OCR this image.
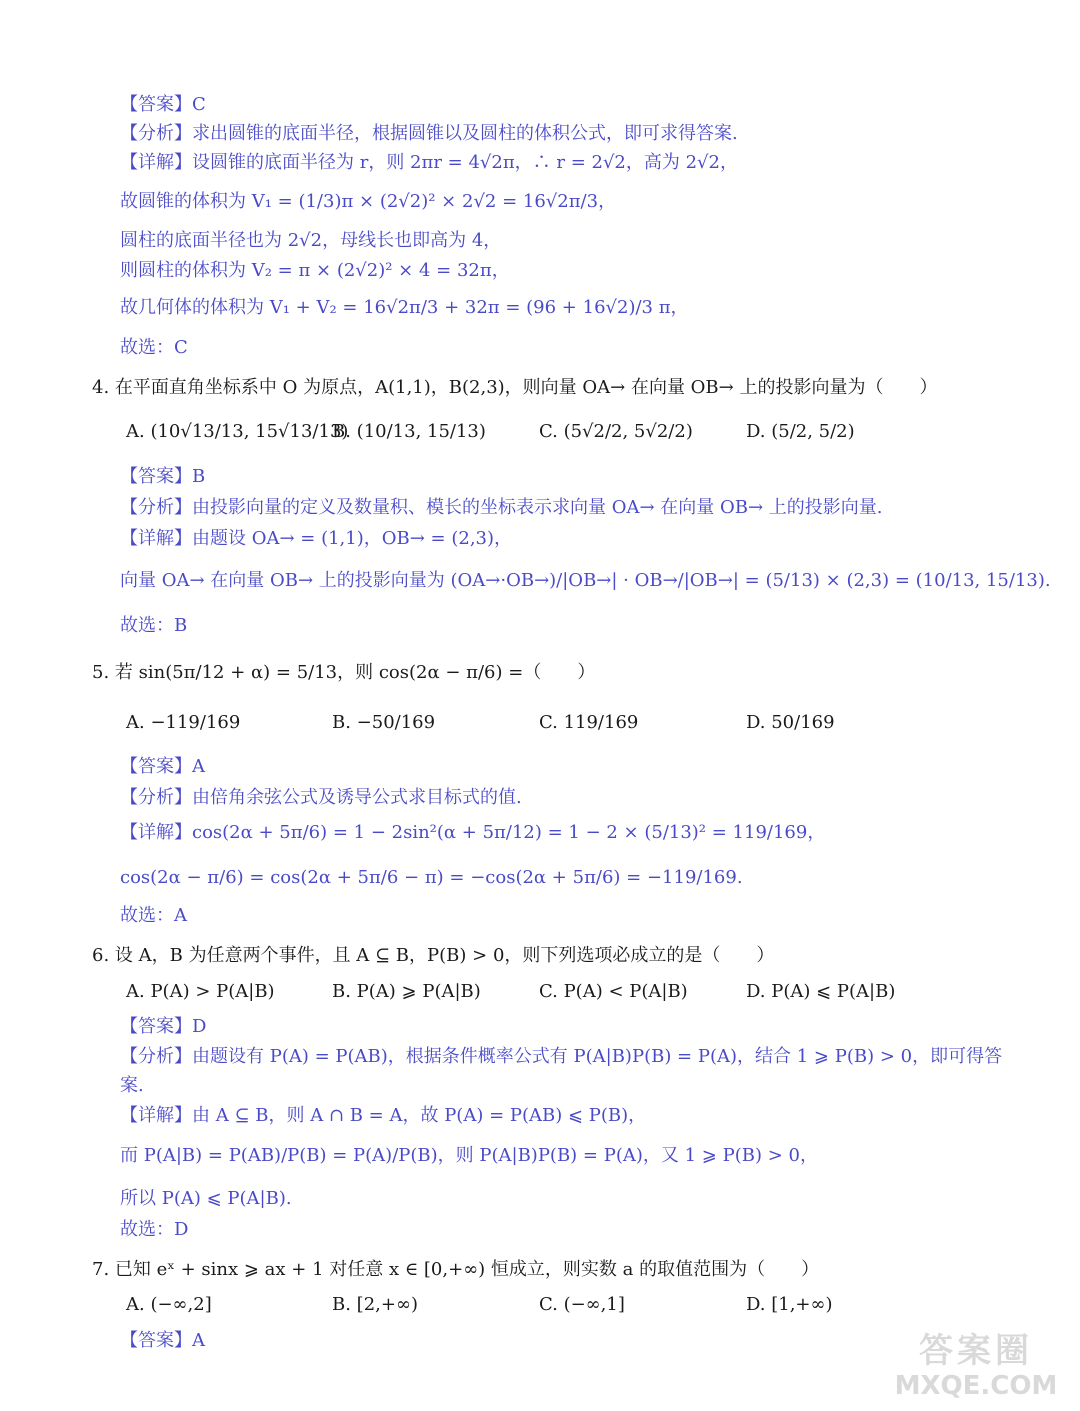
【答案】C
【分析】求出圆锥的底面半径，根据圆锥以及圆柱的体积公式，即可求得答案.
【详解】设圆锥的底面半径为 r，则 2πr = 4√2π，∴ r = 2√2，高为 2√2，
故圆锥的体积为 V₁ = (1/3)π × (2√2)² × 2√2 = 16√2π/3，
圆柱的底面半径也为 2√2，母线长也即高为 4，
则圆柱的体积为 V₂ = π × (2√2)² × 4 = 32π，
故几何体的体积为 V₁ + V₂ = 16√2π/3 + 32π = (96 + 16√2)/3 π，
故选：C
4. 在平面直角坐标系中 O 为原点，A(1,1)，B(2,3)，则向量 OA→ 在向量 OB→ 上的投影向量为（　　）
A. (10√13/13, 15√13/13)
B. (10/13, 15/13)	C. (5√2/2, 5√2/2)	D. (5/2, 5/2)
【答案】B
【分析】由投影向量的定义及数量积、模长的坐标表示求向量 OA→ 在向量 OB→ 上的投影向量.
【详解】由题设 OA→ = (1,1)，OB→ = (2,3)，
向量 OA→ 在向量 OB→ 上的投影向量为 (OA→·OB→)/|OB→| · OB→/|OB→| = (5/13) × (2,3) = (10/13, 15/13).
故选：B
5. 若 sin(5π/12 + α) = 5/13，则 cos(2α − π/6) =（　　）
A. −119/169	B. −50/169	C. 119/169	D. 50/169
【答案】A
【分析】由倍角余弦公式及诱导公式求目标式的值.
【详解】cos(2α + 5π/6) = 1 − 2sin²(α + 5π/12) = 1 − 2 × (5/13)² = 119/169，
cos(2α − π/6) = cos(2α + 5π/6 − π) = −cos(2α + 5π/6) = −119/169.
故选：A
6. 设 A，B 为任意两个事件，且 A ⊆ B，P(B) > 0，则下列选项必成立的是（　　）
A. P(A) > P(A|B)	B. P(A) ⩾ P(A|B)	C. P(A) < P(A|B)	D. P(A) ⩽ P(A|B)
【答案】D
【分析】由题设有 P(A) = P(AB)，根据条件概率公式有 P(A|B)P(B) = P(A)，结合 1 ⩾ P(B) > 0，即可得答
案.
【详解】由 A ⊆ B，则 A ∩ B = A，故 P(A) = P(AB) ⩽ P(B)，
而 P(A|B) = P(AB)/P(B) = P(A)/P(B)，则 P(A|B)P(B) = P(A)，又 1 ⩾ P(B) > 0，
所以 P(A) ⩽ P(A|B).
故选：D
7. 已知 eˣ + sinx ⩾ ax + 1 对任意 x ∈ [0,+∞) 恒成立，则实数 a 的取值范围为（　　）
A. (−∞,2]	B. [2,+∞)	C. (−∞,1]	D. [1,+∞)
【答案】A	答案圈
MXQE.COM
